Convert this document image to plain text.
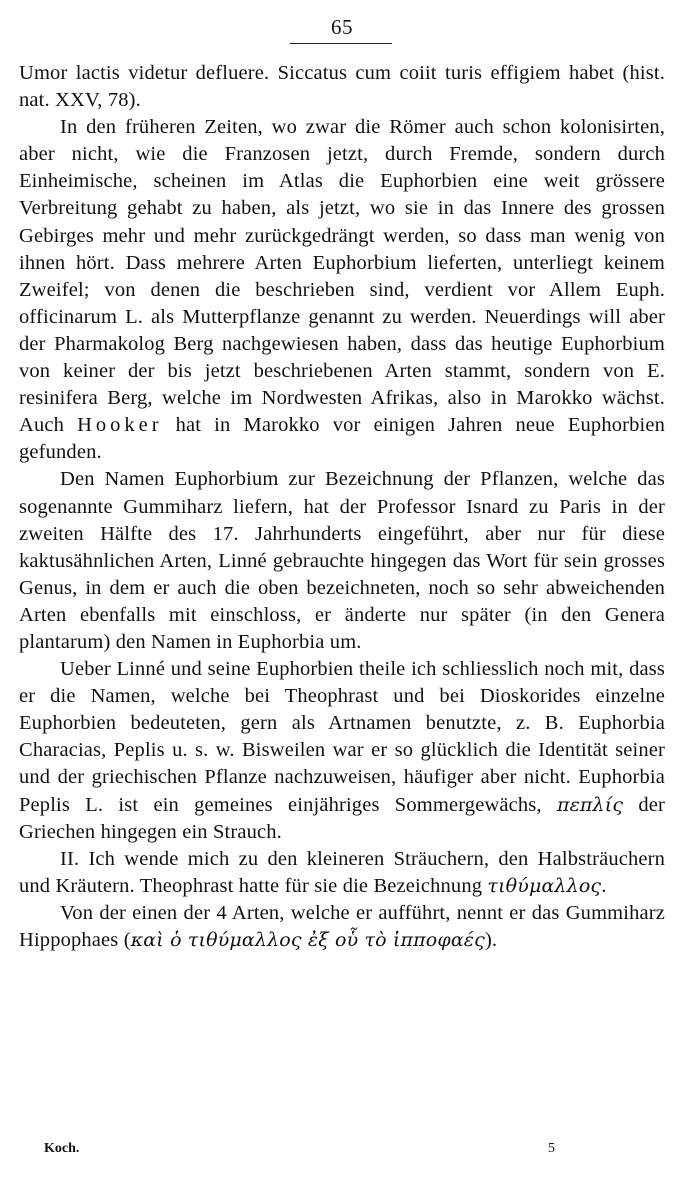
65

Umor lactis videtur defluere. Siccatus cum coiit turis effigiem habet (hist. nat. XXV, 78).

In den früheren Zeiten, wo zwar die Römer auch schon kolonisirten, aber nicht, wie die Franzosen jetzt, durch Fremde, sondern durch Einheimische, scheinen im Atlas die Euphorbien eine weit grössere Verbreitung gehabt zu haben, als jetzt, wo sie in das Innere des grossen Gebirges mehr und mehr zurückgedrängt werden, so dass man wenig von ihnen hört. Dass mehrere Arten Euphorbium lieferten, unterliegt keinem Zweifel; von denen die beschrieben sind, verdient vor Allem Euph. officinarum L. als Mutterpflanze genannt zu werden. Neuerdings will aber der Pharmakolog Berg nachgewiesen haben, dass das heutige Euphorbium von keiner der bis jetzt beschriebenen Arten stammt, sondern von E. resinifera Berg, welche im Nordwesten Afrikas, also in Marokko wächst. Auch Hooker hat in Marokko vor einigen Jahren neue Euphorbien gefunden.

Den Namen Euphorbium zur Bezeichnung der Pflanzen, welche das sogenannte Gummiharz liefern, hat der Professor Isnard zu Paris in der zweiten Hälfte des 17. Jahrhunderts eingeführt, aber nur für diese kaktusähnlichen Arten, Linné gebrauchte hingegen das Wort für sein grosses Genus, in dem er auch die oben bezeichneten, noch so sehr abweichenden Arten ebenfalls mit einschloss, er änderte nur später (in den Genera plantarum) den Namen in Euphorbia um.

Ueber Linné und seine Euphorbien theile ich schliesslich noch mit, dass er die Namen, welche bei Theophrast und bei Dioskorides einzelne Euphorbien bedeuteten, gern als Artnamen benutzte, z. B. Euphorbia Characias, Peplis u. s. w. Bisweilen war er so glücklich die Identität seiner und der griechischen Pflanze nachzuweisen, häufiger aber nicht. Euphorbia Peplis L. ist ein gemeines einjähriges Sommergewächs, πεπλίς der Griechen hingegen ein Strauch.

II. Ich wende mich zu den kleineren Sträuchern, den Halbsträuchern und Kräutern. Theophrast hatte für sie die Bezeichnung τιθύμαλλος.

Von der einen der 4 Arten, welche er aufführt, nennt er das Gummiharz Hippophaes (καὶ ὁ τιθύμαλλος ἐξ οὗ τὸ ἱπποφαές).

Koch.	5
